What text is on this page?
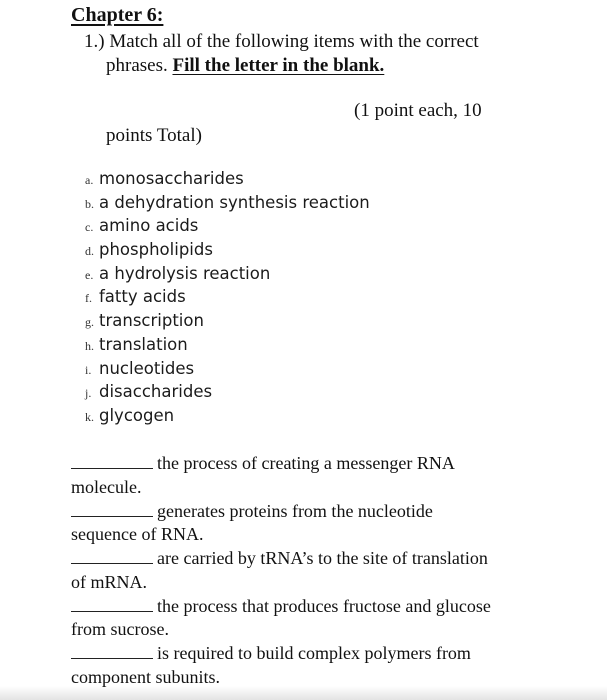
Chapter 6:
1.) Match all of the following items with the correct
phrases. Fill the letter in the blank.
(1 point each, 10
points Total)
a. monosaccharides
b. a dehydration synthesis reaction
c. amino acids
d. phospholipids
e. a hydrolysis reaction
f. fatty acids
g. transcription
h. translation
i. nucleotides
j. disaccharides
k. glycogen
the process of creating a messenger RNA
molecule.
generates proteins from the nucleotide
sequence of RNA.
are carried by tRNA’s to the site of translation
of mRNA.
the process that produces fructose and glucose
from sucrose.
is required to build complex polymers from
component subunits.
